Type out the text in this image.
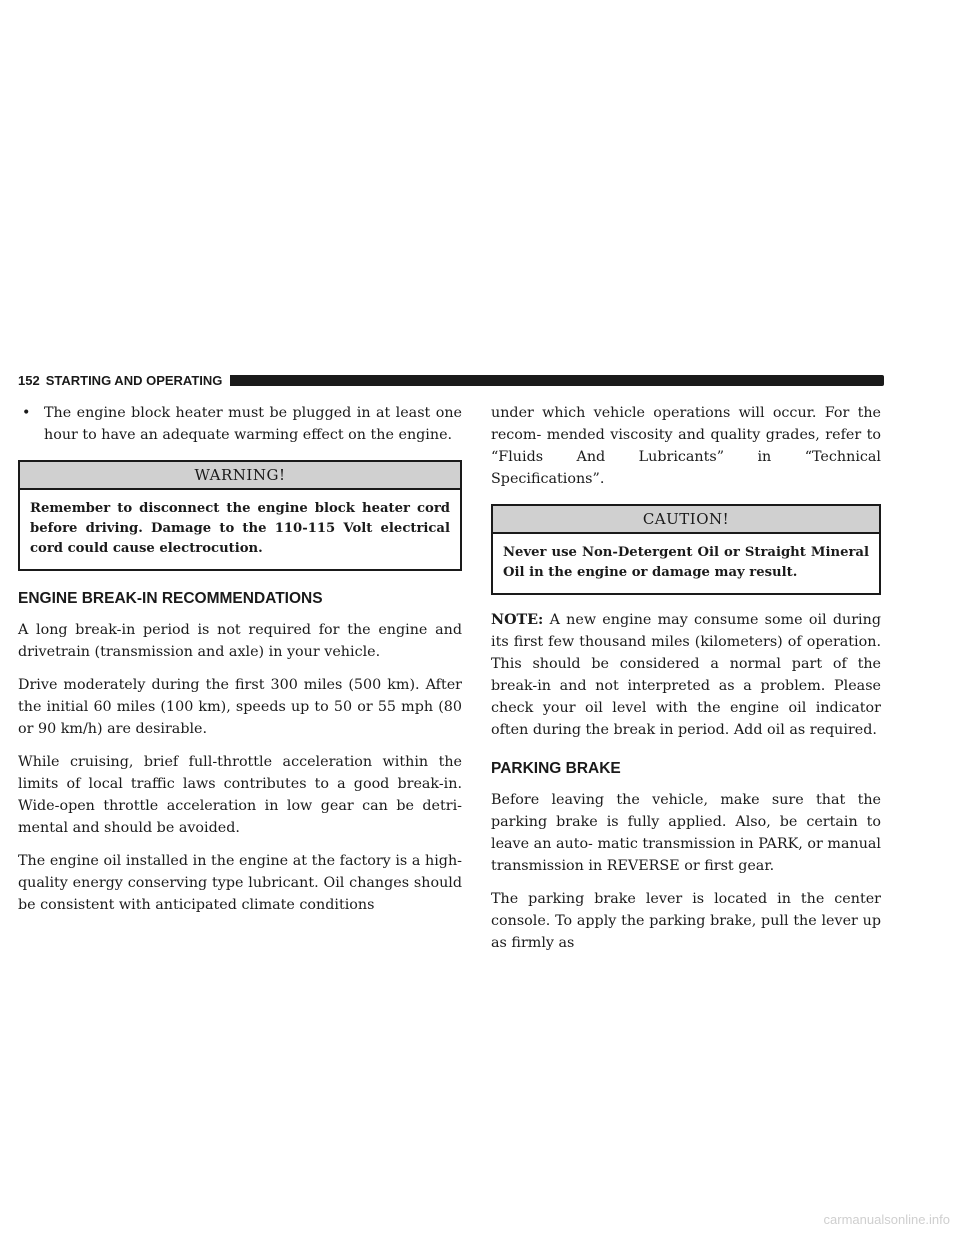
152 STARTING AND OPERATING
• The engine block heater must be plugged in at least one hour to have an adequate warming effect on the engine.
WARNING!
Remember to disconnect the engine block heater cord before driving. Damage to the 110-115 Volt electrical cord could cause electrocution.
ENGINE BREAK-IN RECOMMENDATIONS

A long break-in period is not required for the engine and drivetrain (transmission and axle) in your vehicle.

Drive moderately during the first 300 miles (500 km). After the initial 60 miles (100 km), speeds up to 50 or 55 mph (80 or 90 km/h) are desirable.

While cruising, brief full-throttle acceleration within the limits of local traffic laws contributes to a good break-in. Wide-open throttle acceleration in low gear can be detri- mental and should be avoided.

The engine oil installed in the engine at the factory is a high-quality energy conserving type lubricant. Oil changes should be consistent with anticipated climate conditions

under which vehicle operations will occur. For the recom- mended viscosity and quality grades, refer to “Fluids And Lubricants” in “Technical Specifications”.

CAUTION!
Never use Non-Detergent Oil or Straight Mineral Oil in the engine or damage may result.

NOTE: A new engine may consume some oil during its first few thousand miles (kilometers) of operation. This should be considered a normal part of the break-in and not interpreted as a problem. Please check your oil level with the engine oil indicator often during the break in period. Add oil as required.

PARKING BRAKE

Before leaving the vehicle, make sure that the parking brake is fully applied. Also, be certain to leave an auto- matic transmission in PARK, or manual transmission in REVERSE or first gear.

The parking brake lever is located in the center console. To apply the parking brake, pull the lever up as firmly as

carmanualsonline.info
